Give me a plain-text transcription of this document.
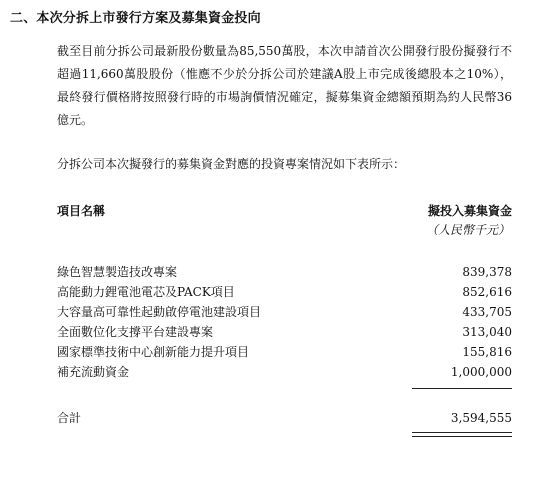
二、本次分拆上市發行方案及募集資金投向
截至目前分拆公司最新股份數量為85,550萬股，本次申請首次公開發行股份擬發行不超過11,660萬股股份（惟應不少於分拆公司於建議A股上市完成後總股本之10%），最終發行價格將按照發行時的市場詢價情況確定，擬募集資金總額預期為約人民幣36億元。
分拆公司本次擬發行的募集資金對應的投資專案情況如下表所示：
項目名稱	擬投入募集資金
（人民幣千元）
綠色智慧製造技改專案	839,378
高能動力鋰電池電芯及PACK項目	852,616
大容量高可靠性起動啟停電池建設項目	433,705
全面數位化支撐平台建設專案	313,040
國家標準技術中心創新能力提升項目	155,816
補充流動資金	1,000,000
合計	3,594,555
